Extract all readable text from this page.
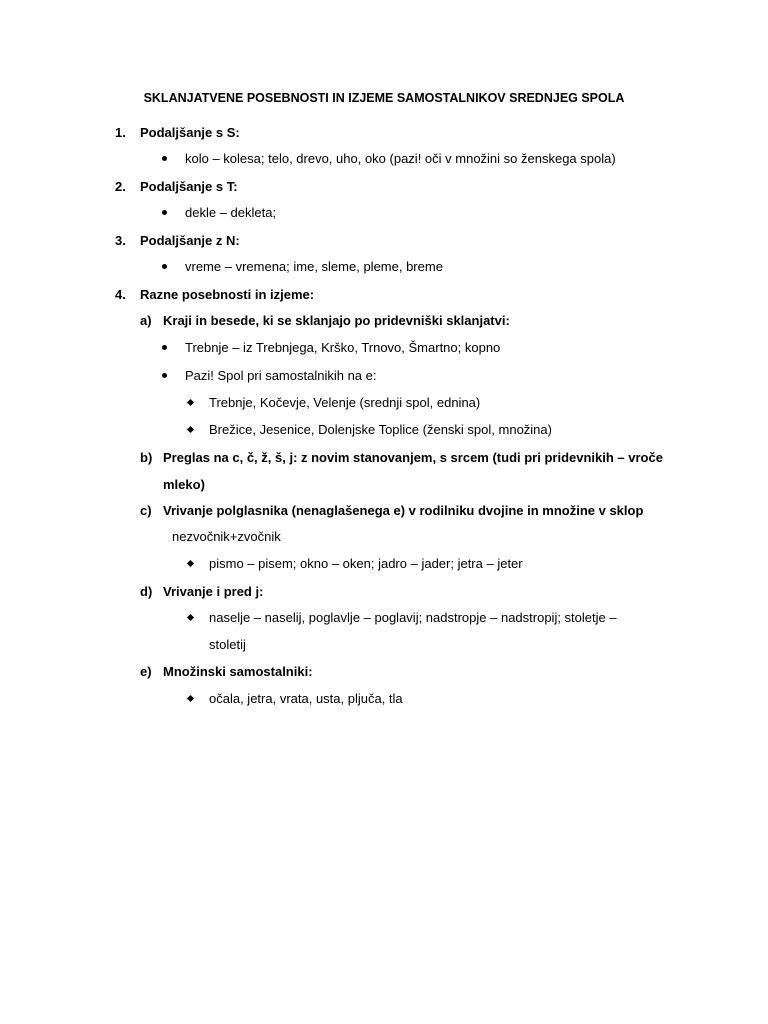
SKLANJATVENE POSEBNOSTI IN IZJEME SAMOSTALNIKOV SREDNJEG SPOLA
1. Podaljšanje s S:
kolo – kolesa; telo, drevo, uho, oko (pazi! oči v množini so ženskega spola)
2. Podaljšanje s T:
dekle – dekleta;
3. Podaljšanje z N:
vreme – vremena; ime, sleme, pleme, breme
4. Razne posebnosti in izjeme:
a) Kraji in besede, ki se sklanjajo po pridevniški sklanjatvi:
Trebnje – iz Trebnjega, Krško, Trnovo, Šmartno; kopno
Pazi! Spol pri samostalnikih na e:
Trebnje, Kočevje, Velenje (srednji spol, ednina)
Brežice, Jesenice, Dolenjske Toplice (ženski spol, množina)
b) Preglas na c, č, ž, š, j: z novim stanovanjem, s srcem (tudi pri pridevnikih – vroče
mleko)
c) Vrivanje polglasnika (nenaglašenega e) v rodilniku dvojine in množine v sklop
nezvočnik+zvočnik
pismo – pisem; okno – oken; jadro – jader; jetra – jeter
d) Vrivanje i pred j:
naselje – naselij, poglavlje – poglavij; nadstropje – nadstropij; stoletje –
stoletij
e) Množinski samostalniki:
očala, jetra, vrata, usta, pljuča, tla
